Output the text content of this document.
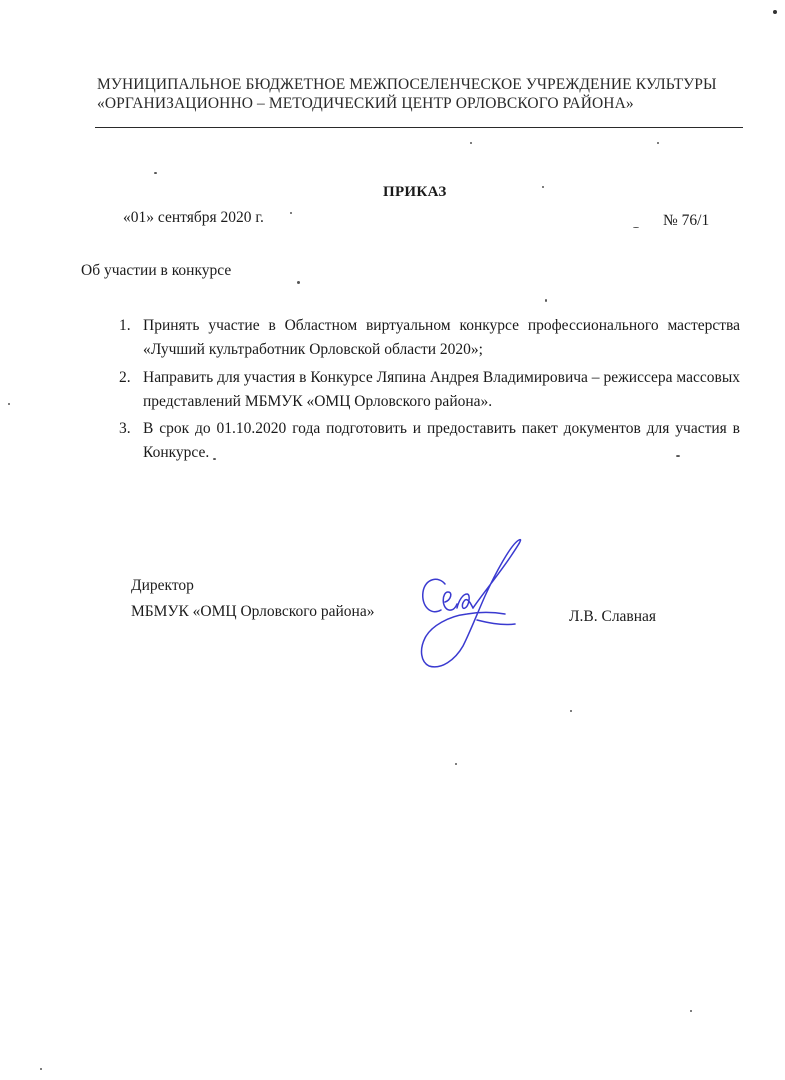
МУНИЦИПАЛЬНОЕ БЮДЖЕТНОЕ МЕЖПОСЕЛЕНЧЕСКОЕ УЧРЕЖДЕНИЕ КУЛЬТУРЫ
«ОРГАНИЗАЦИОННО – МЕТОДИЧЕСКИЙ ЦЕНТР ОРЛОВСКОГО РАЙОНА»
ПРИКАЗ
«01» сентября 2020 г.	№ 76/1
Об участии в конкурсе
1. Принять участие в Областном виртуальном конкурсе профессионального мастерства
«Лучший культработник Орловской области 2020»;
2. Направить для участия в Конкурсе Ляпина Андрея Владимировича – режиссера массовых
представлений МБМУК «ОМЦ Орловского района».
3. В срок до 01.10.2020 года подготовить и предоставить пакет документов для участия в
Конкурсе.
Директор
МБМУК «ОМЦ Орловского района»	Л.В. Славная
